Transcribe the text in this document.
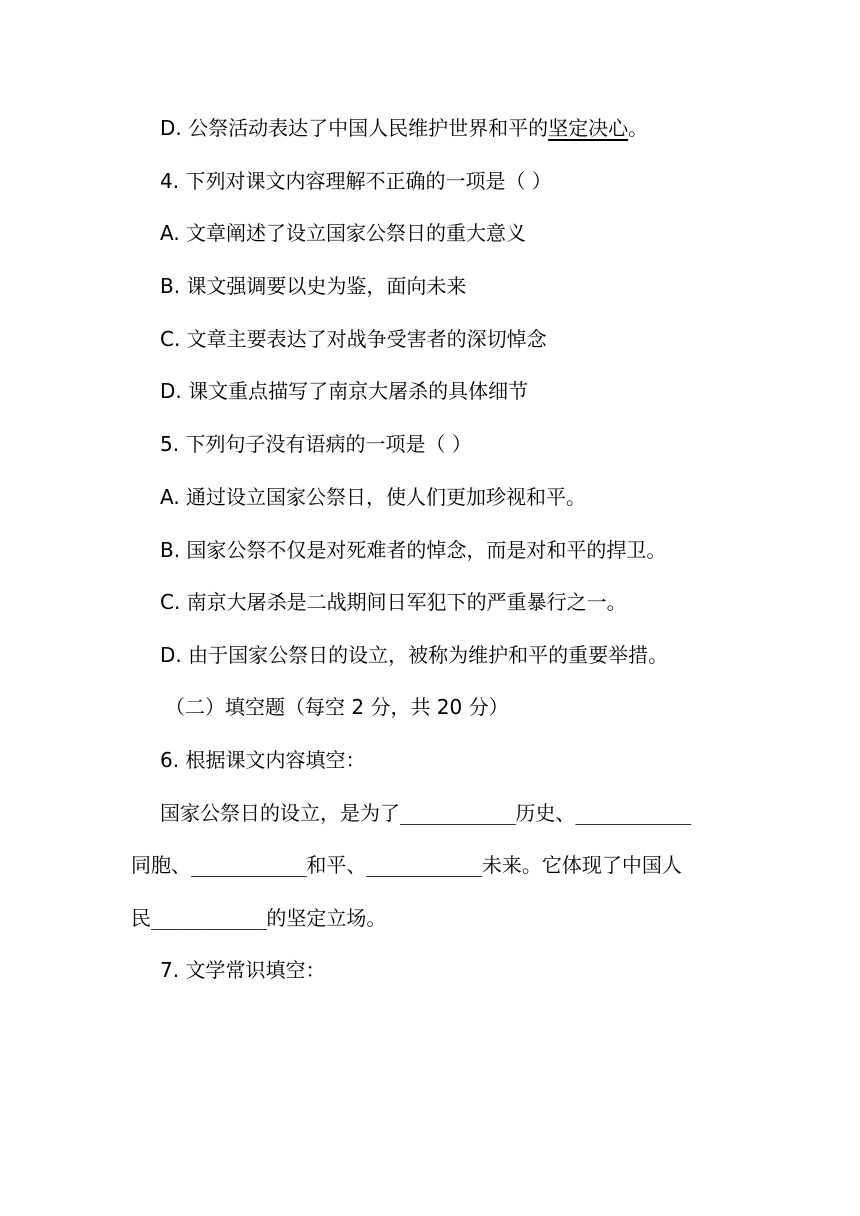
D. 公祭活动表达了中国人民维护世界和平的坚定决心。
4. 下列对课文内容理解不正确的一项是（ ）
A. 文章阐述了设立国家公祭日的重大意义
B. 课文强调要以史为鉴，面向未来
C. 文章主要表达了对战争受害者的深切悼念
D. 课文重点描写了南京大屠杀的具体细节
5. 下列句子没有语病的一项是（ ）
A. 通过设立国家公祭日，使人们更加珍视和平。
B. 国家公祭不仅是对死难者的悼念，而是对和平的捍卫。
C. 南京大屠杀是二战期间日军犯下的严重暴行之一。
D. 由于国家公祭日的设立，被称为维护和平的重要举措。
（二）填空题（每空 2 分，共 20 分）
6. 根据课文内容填空：
国家公祭日的设立，是为了__________历史、__________
同胞、__________和平、__________未来。它体现了中国人
民__________的坚定立场。
7. 文学常识填空：
